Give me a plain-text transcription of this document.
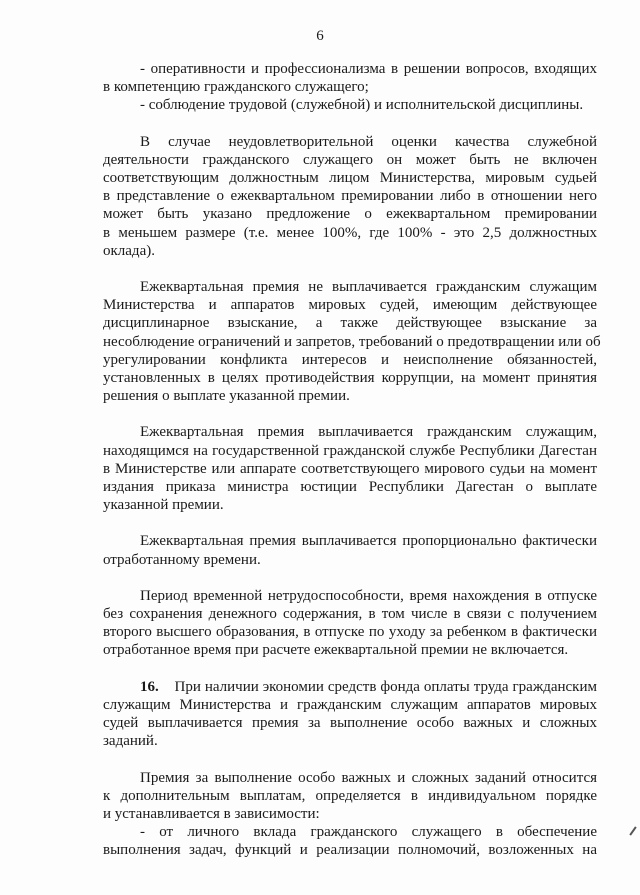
6
- оперативности и профессионализма в решении вопросов, входящих
в компетенцию гражданского служащего;
- соблюдение трудовой (служебной) и исполнительской дисциплины.
В случае неудовлетворительной оценки качества служебной
деятельности гражданского служащего он может быть не включен
соответствующим должностным лицом Министерства, мировым судьей
в представление о ежеквартальном премировании либо в отношении него
может быть указано предложение о ежеквартальном премировании
в меньшем размере (т.е. менее 100%, где 100% - это 2,5 должностных
оклада).
Ежеквартальная премия не выплачивается гражданским служащим
Министерства и аппаратов мировых судей, имеющим действующее
дисциплинарное взыскание, а также действующее взыскание за
несоблюдение ограничений и запретов, требований о предотвращении или об
урегулировании конфликта интересов и неисполнение обязанностей,
установленных в целях противодействия коррупции, на момент принятия
решения о выплате указанной премии.
Ежеквартальная премия выплачивается гражданским служащим,
находящимся на государственной гражданской службе Республики Дагестан
в Министерстве или аппарате соответствующего мирового судьи на момент
издания приказа министра юстиции Республики Дагестан о выплате
указанной премии.
Ежеквартальная премия выплачивается пропорционально фактически
отработанному времени.
Период временной нетрудоспособности, время нахождения в отпуске
без сохранения денежного содержания, в том числе в связи с получением
второго высшего образования, в отпуске по уходу за ребенком в фактически
отработанное время при расчете ежеквартальной премии не включается.
16.    При наличии экономии средств фонда оплаты труда гражданским
служащим Министерства и гражданским служащим аппаратов мировых
судей выплачивается премия за выполнение особо важных и сложных
заданий.
Премия за выполнение особо важных и сложных заданий относится
к дополнительным выплатам, определяется в индивидуальном порядке
и устанавливается в зависимости:
- от личного вклада гражданского служащего в обеспечение
выполнения задач, функций и реализации полномочий, возложенных на
